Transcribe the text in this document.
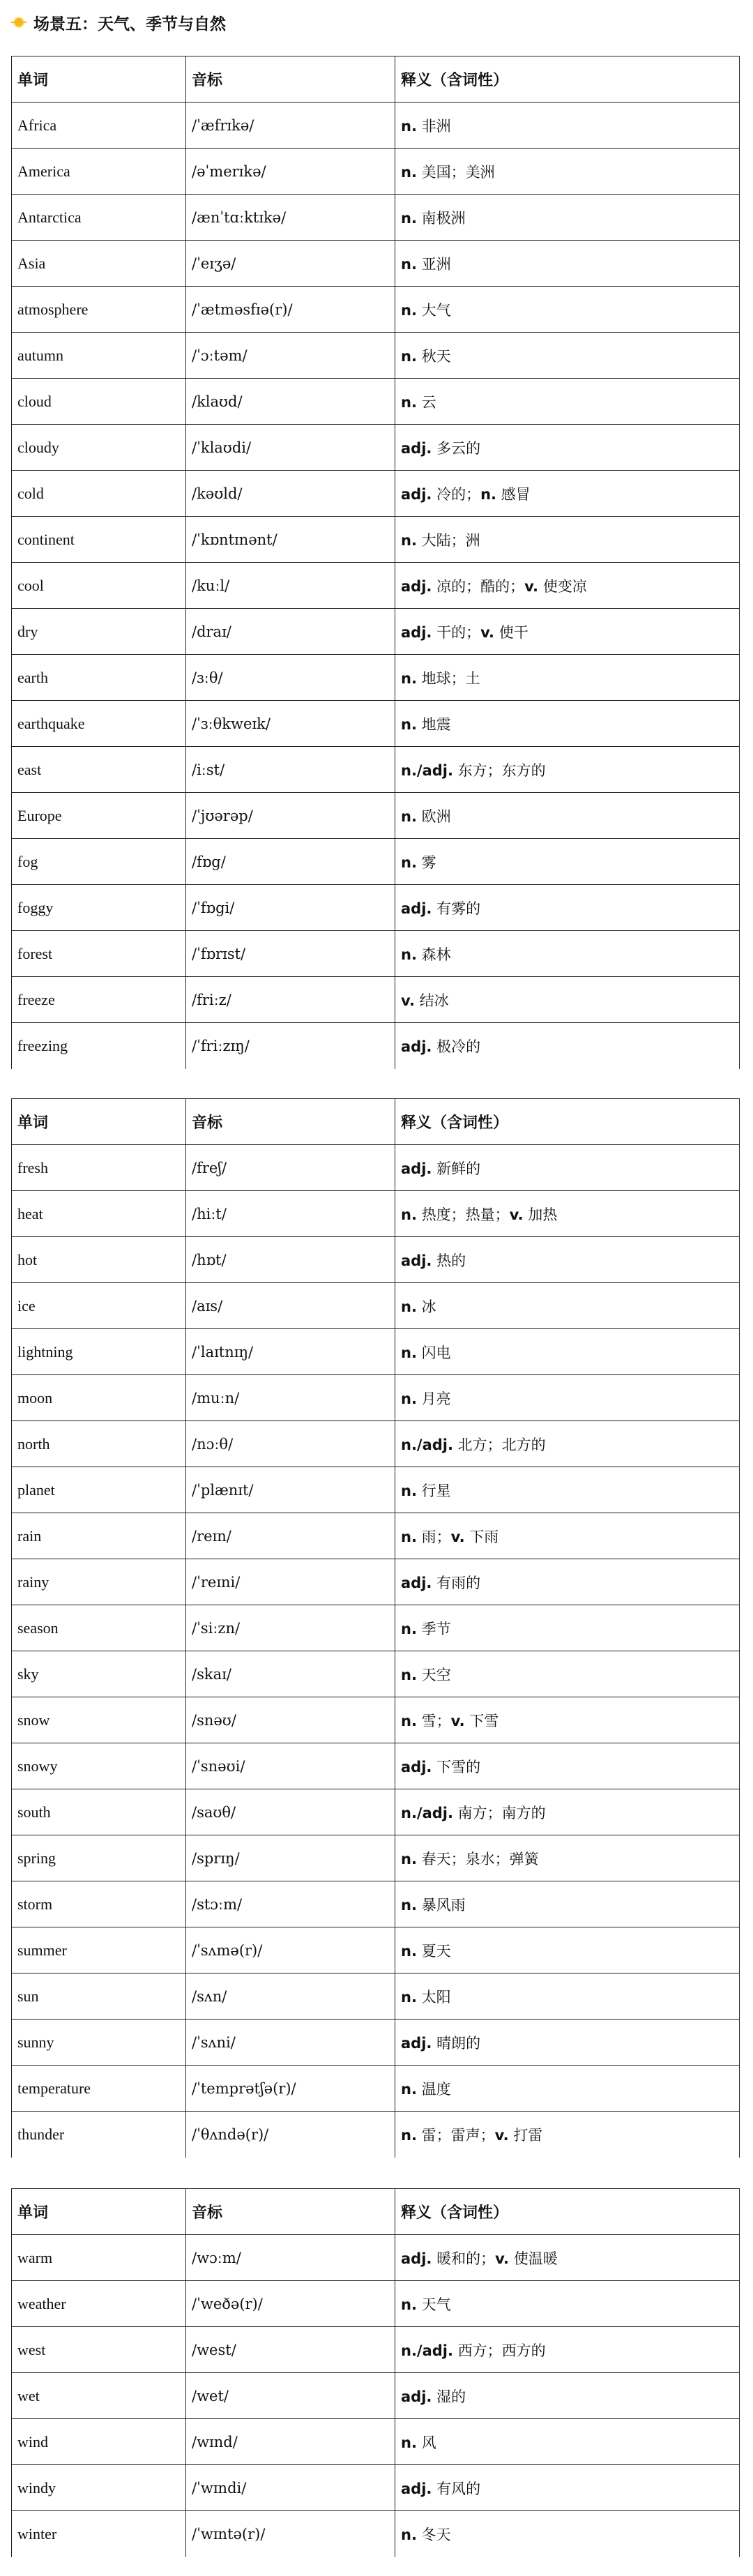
场景五：天气、季节与自然
单词	音标	释义（含词性）
Africa	/ˈæfrɪkə/	n. 非洲
America	/əˈmerɪkə/	n. 美国；美洲
Antarctica	/ænˈtɑːktɪkə/	n. 南极洲
Asia	/ˈeɪʒə/	n. 亚洲
atmosphere	/ˈætməsfɪə(r)/	n. 大气
autumn	/ˈɔːtəm/	n. 秋天
cloud	/klaʊd/	n. 云
cloudy	/ˈklaʊdi/	adj. 多云的
cold	/kəʊld/	adj. 冷的；n. 感冒
continent	/ˈkɒntɪnənt/	n. 大陆；洲
cool	/kuːl/	adj. 凉的；酷的；v. 使变凉
dry	/draɪ/	adj. 干的；v. 使干
earth	/ɜːθ/	n. 地球；土
earthquake	/ˈɜːθkweɪk/	n. 地震
east	/iːst/	n./adj. 东方；东方的
Europe	/ˈjʊərəp/	n. 欧洲
fog	/fɒg/	n. 雾
foggy	/ˈfɒgi/	adj. 有雾的
forest	/ˈfɒrɪst/	n. 森林
freeze	/friːz/	v. 结冰
freezing	/ˈfriːzɪŋ/	adj. 极冷的
单词	音标	释义（含词性）
fresh	/freʃ/	adj. 新鲜的
heat	/hiːt/	n. 热度；热量；v. 加热
hot	/hɒt/	adj. 热的
ice	/aɪs/	n. 冰
lightning	/ˈlaɪtnɪŋ/	n. 闪电
moon	/muːn/	n. 月亮
north	/nɔːθ/	n./adj. 北方；北方的
planet	/ˈplænɪt/	n. 行星
rain	/reɪn/	n. 雨；v. 下雨
rainy	/ˈreɪni/	adj. 有雨的
season	/ˈsiːzn/	n. 季节
sky	/skaɪ/	n. 天空
snow	/snəʊ/	n. 雪；v. 下雪
snowy	/ˈsnəʊi/	adj. 下雪的
south	/saʊθ/	n./adj. 南方；南方的
spring	/sprɪŋ/	n. 春天；泉水；弹簧
storm	/stɔːm/	n. 暴风雨
summer	/ˈsʌmə(r)/	n. 夏天
sun	/sʌn/	n. 太阳
sunny	/ˈsʌni/	adj. 晴朗的
temperature	/ˈtemprətʃə(r)/	n. 温度
thunder	/ˈθʌndə(r)/	n. 雷；雷声；v. 打雷
单词	音标	释义（含词性）
warm	/wɔːm/	adj. 暖和的；v. 使温暖
weather	/ˈweðə(r)/	n. 天气
west	/west/	n./adj. 西方；西方的
wet	/wet/	adj. 湿的
wind	/wɪnd/	n. 风
windy	/ˈwɪndi/	adj. 有风的
winter	/ˈwɪntə(r)/	n. 冬天
